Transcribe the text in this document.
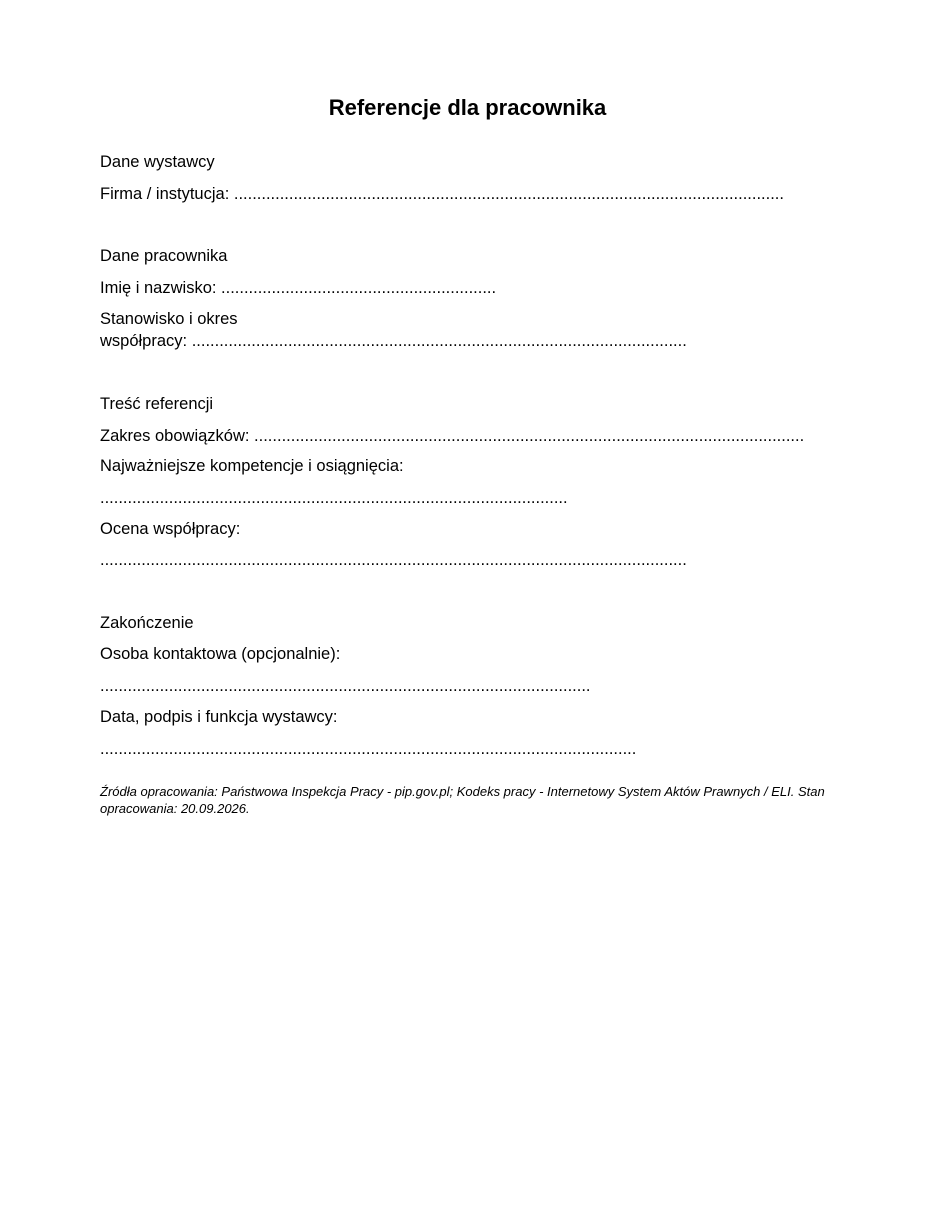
Referencje dla pracownika
Dane wystawcy
Firma / instytucja: ........................................................................................................................
Dane pracownika
Imię i nazwisko: ............................................................
Stanowisko i okres
współpracy: ............................................................................................................
Treść referencji
Zakres obowiązków: ........................................................................................................................
Najważniejsze kompetencje i osiągnięcia:
......................................................................................................
Ocena współpracy:
................................................................................................................................
Zakończenie
Osoba kontaktowa (opcjonalnie):
...........................................................................................................
Data, podpis i funkcja wystawcy:
.....................................................................................................................
Źródła opracowania: Państwowa Inspekcja Pracy - pip.gov.pl; Kodeks pracy - Internetowy System Aktów Prawnych / ELI. Stan opracowania: 20.09.2026.
